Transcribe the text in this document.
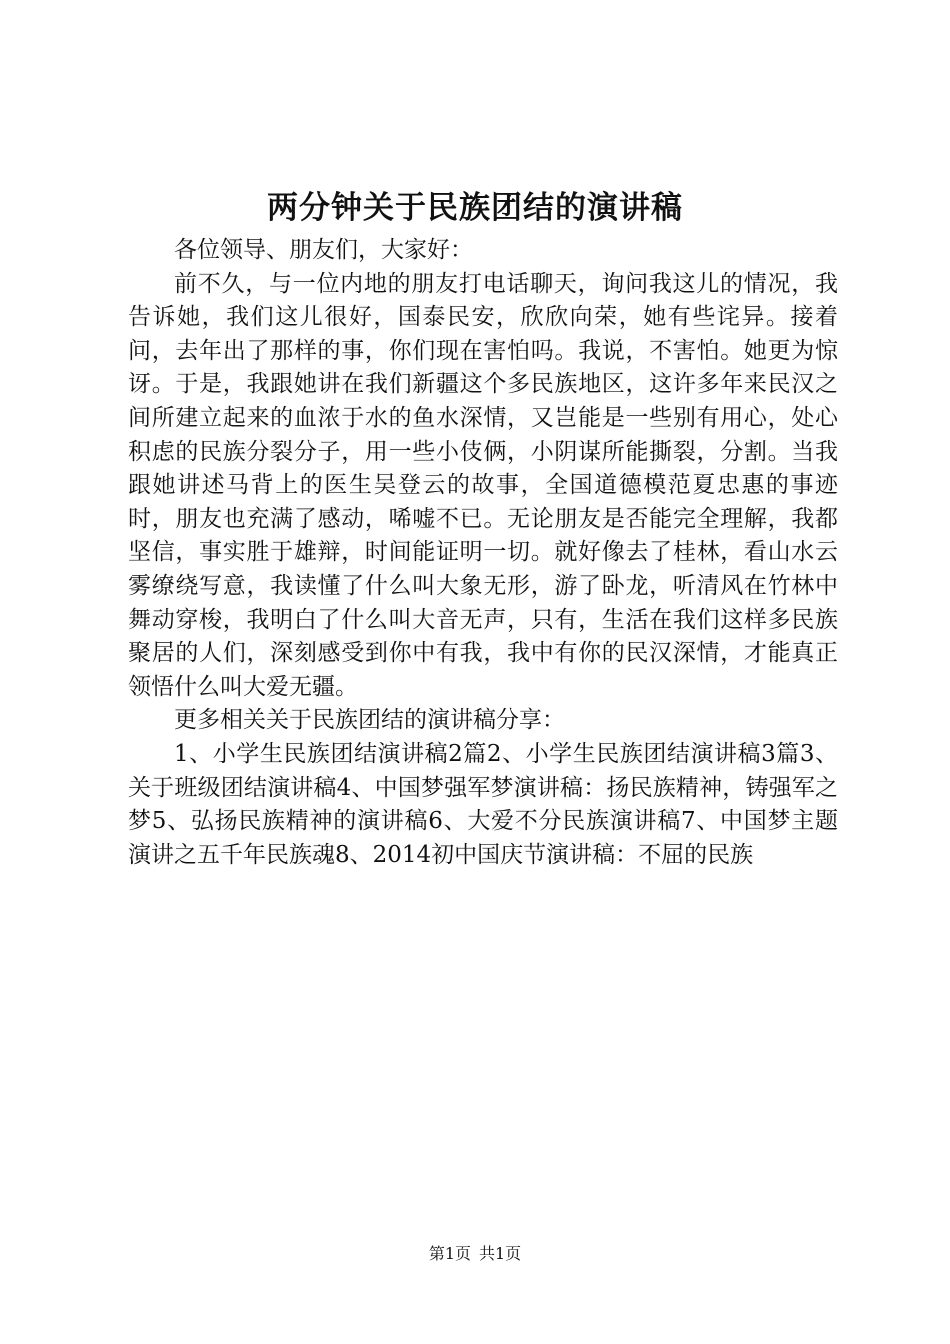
两分钟关于民族团结的演讲稿

各位领导、朋友们，大家好：

前不久，与一位内地的朋友打电话聊天，询问我这儿的情况，我告诉她，我们这儿很好，国泰民安，欣欣向荣，她有些诧异。接着问，去年出了那样的事，你们现在害怕吗。我说，不害怕。她更为惊讶。于是，我跟她讲在我们新疆这个多民族地区，这许多年来民汉之间所建立起来的血浓于水的鱼水深情，又岂能是一些别有用心，处心积虑的民族分裂分子，用一些小伎俩，小阴谋所能撕裂，分割。当我跟她讲述马背上的医生吴登云的故事，全国道德模范夏忠惠的事迹时，朋友也充满了感动，唏嘘不已。无论朋友是否能完全理解，我都坚信，事实胜于雄辩，时间能证明一切。就好像去了桂林，看山水云雾缭绕写意，我读懂了什么叫大象无形，游了卧龙，听清风在竹林中舞动穿梭，我明白了什么叫大音无声，只有，生活在我们这样多民族聚居的人们，深刻感受到你中有我，我中有你的民汉深情，才能真正领悟什么叫大爱无疆。

更多相关关于民族团结的演讲稿分享：

1、小学生民族团结演讲稿2篇2、小学生民族团结演讲稿3篇3、关于班级团结演讲稿4、中国梦强军梦演讲稿：扬民族精神，铸强军之梦5、弘扬民族精神的演讲稿6、大爱不分民族演讲稿7、中国梦主题演讲之五千年民族魂8、2014初中国庆节演讲稿：不屈的民族

第1页 共1页
